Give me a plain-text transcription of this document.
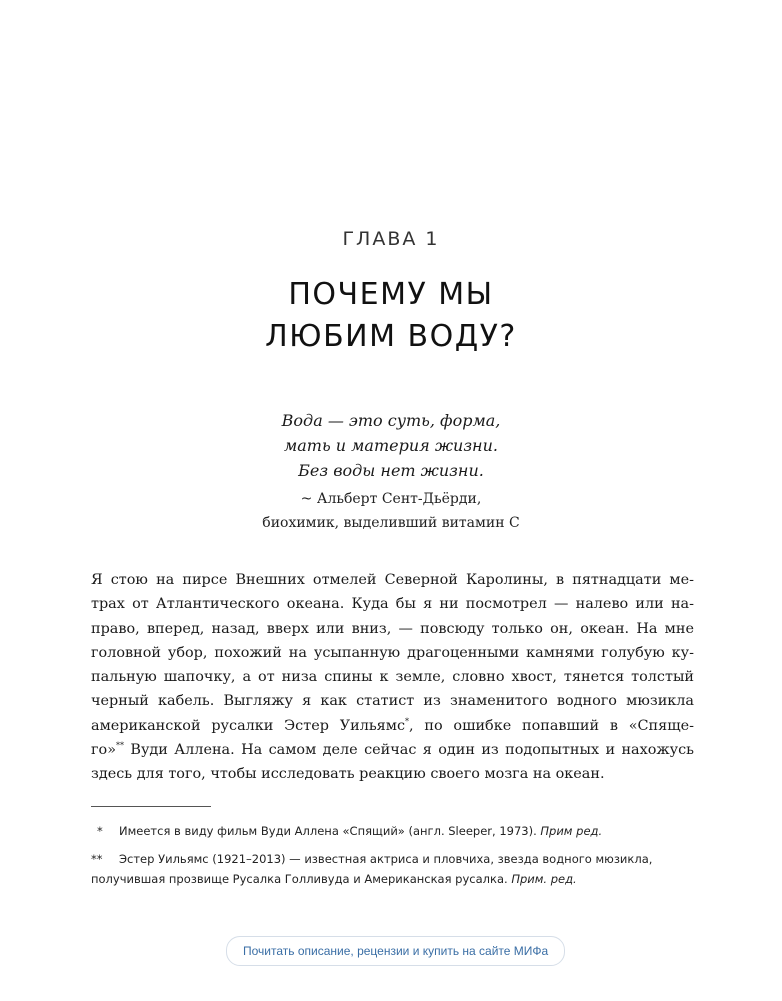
ГЛАВА 1
ПОЧЕМУ МЫ
ЛЮБИМ ВОДУ?
Вода — это суть, форма,
мать и материя жизни.
Без воды нет жизни.
~ Альберт Сент-Дьёрди,
биохимик, выделивший витамин С
Я стою на пирсе Внешних отмелей Северной Каролины, в пятнадцати ме-
трах от Атлантического океана. Куда бы я ни посмотрел — налево или на-
право, вперед, назад, вверх или вниз, — повсюду только он, океан. На мне
головной убор, похожий на усыпанную драгоценными камнями голубую ку-
пальную шапочку, а от низа спины к земле, словно хвост, тянется толстый
черный кабель. Выгляжу я как статист из знаменитого водного мюзикла
американской русалки Эстер Уильямс*, по ошибке попавший в «Спяще-
го»** Вуди Аллена. На самом деле сейчас я один из подопытных и нахожусь
здесь для того, чтобы исследовать реакцию своего мозга на океан.
* Имеется в виду фильм Вуди Аллена «Спящий» (англ. Sleeper, 1973). Прим ред.
** Эстер Уильямс (1921–2013) — известная актриса и пловчиха, звезда водного мюзикла,
получившая прозвище Русалка Голливуда и Американская русалка. Прим. ред.
Почитать описание, рецензии и купить на сайте МИФа
